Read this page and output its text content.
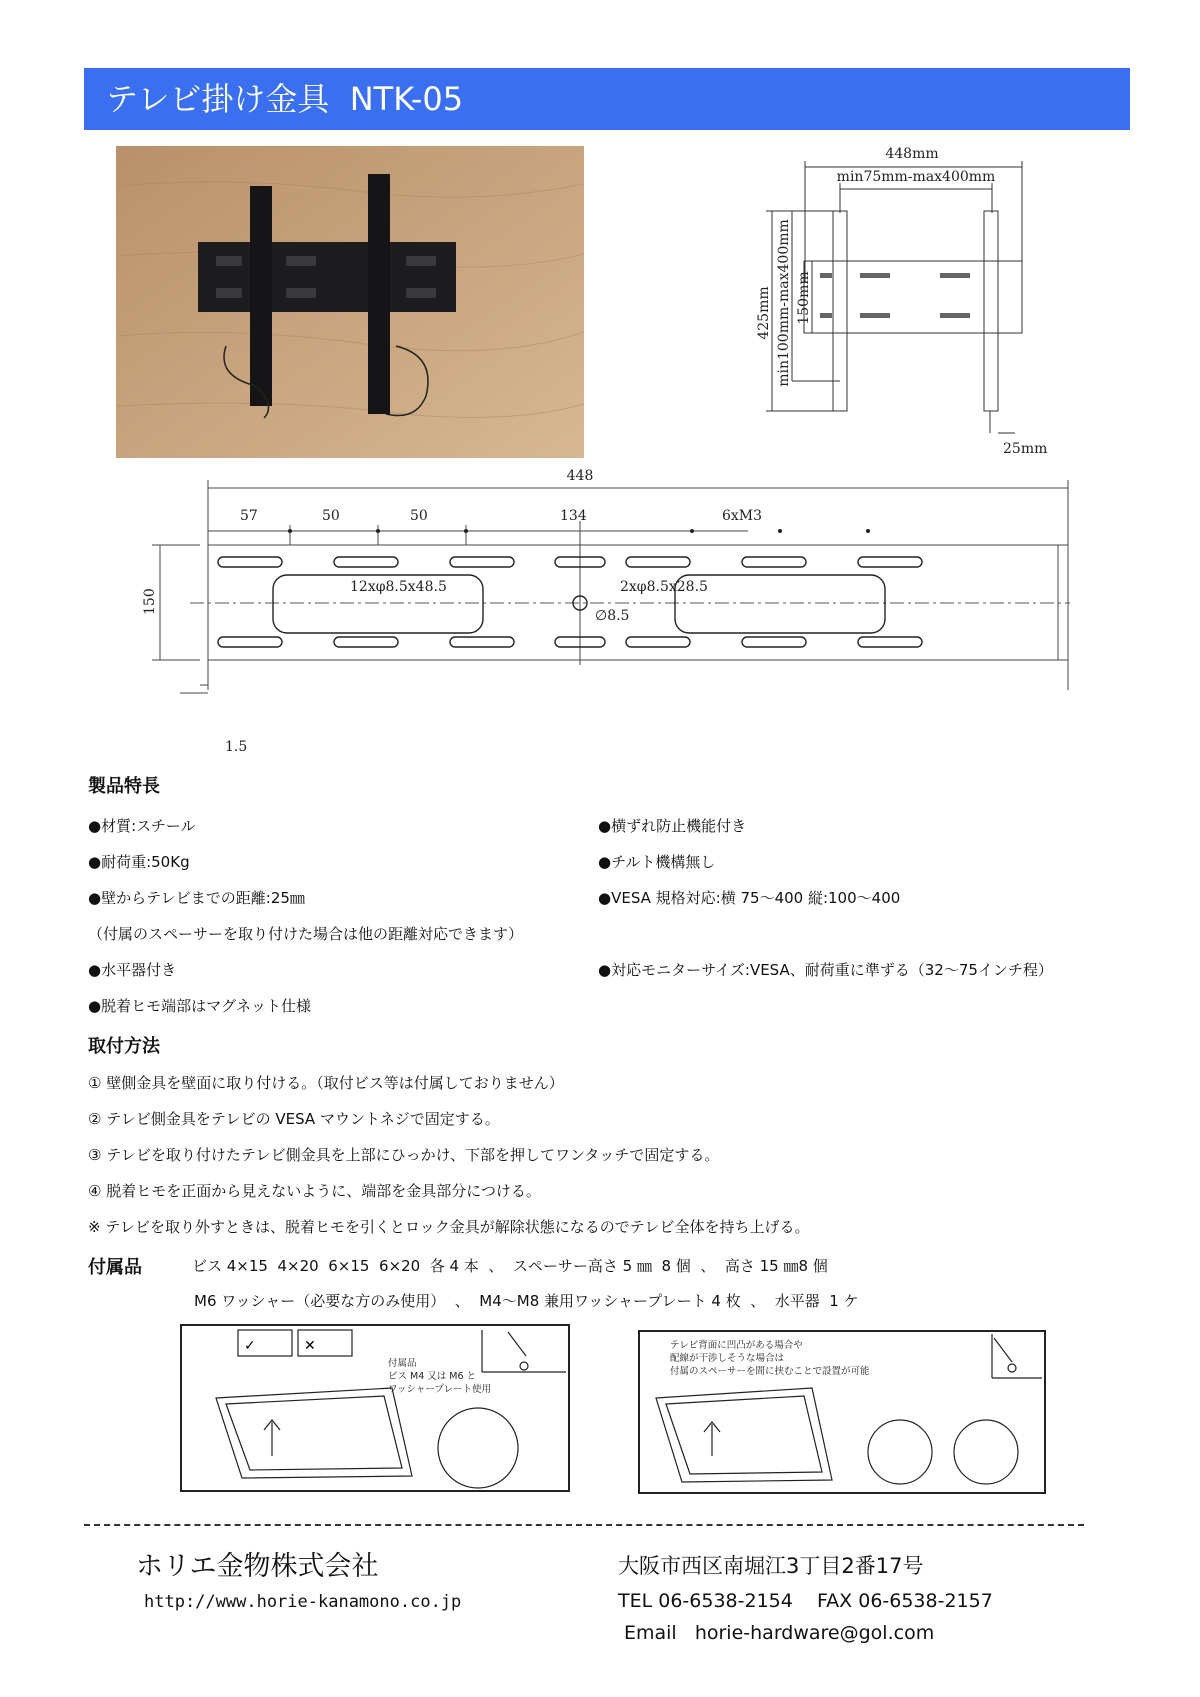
テレビ掛け金具  NTK-05
448mm
min75mm-max400mm
425mm min100mm-max400mm 150mm
25mm
448
57	50	50	134	6xM3
150
12xφ8.5x48.5	2xφ8.5x28.5
∅8.5
1.5
製品特長
●材質:スチール
●耐荷重:50Kg
●壁からテレビまでの距離:25㎜
（付属のスペーサーを取り付けた場合は他の距離対応できます）
●水平器付き
●脱着ヒモ端部はマグネット仕様
●横ずれ防止機能付き
●チルト機構無し
●VESA 規格対応:横 75～400 縦:100～400
●対応モニターサイズ:VESA、耐荷重に準ずる（32～75インチ程）
取付方法
① 壁側金具を壁面に取り付ける。（取付ビス等は付属しておりません）
② テレビ側金具をテレビの VESA マウントネジで固定する。
③ テレビを取り付けたテレビ側金具を上部にひっかけ、下部を押してワンタッチで固定する。
④ 脱着ヒモを正面から見えないように、端部を金具部分につける。
※ テレビを取り外すときは、脱着ヒモを引くとロック金具が解除状態になるのでテレビ全体を持ち上げる。
付属品	ビス 4×15  4×20  6×15  6×20  各 4 本  、  スペーサー高さ 5 ㎜  8 個  、  高さ 15 ㎜8 個
M6 ワッシャー（必要な方のみ使用）  、  M4～M8 兼用ワッシャープレート 4 枚  、  水平器  1 ケ
✓	✕
付属品
ビス M4 又は M6 と
ワッシャープレート使用
テレビ背面に凹凸がある場合や
配線が干渉しそうな場合は
付属のスペーサーを間に挟むことで設置が可能
ホリエ金物株式会社
http://www.horie-kanamono.co.jp
大阪市西区南堀江3丁目2番17号
TEL 06-6538-2154    FAX 06-6538-2157
Email   horie-hardware@gol.com
